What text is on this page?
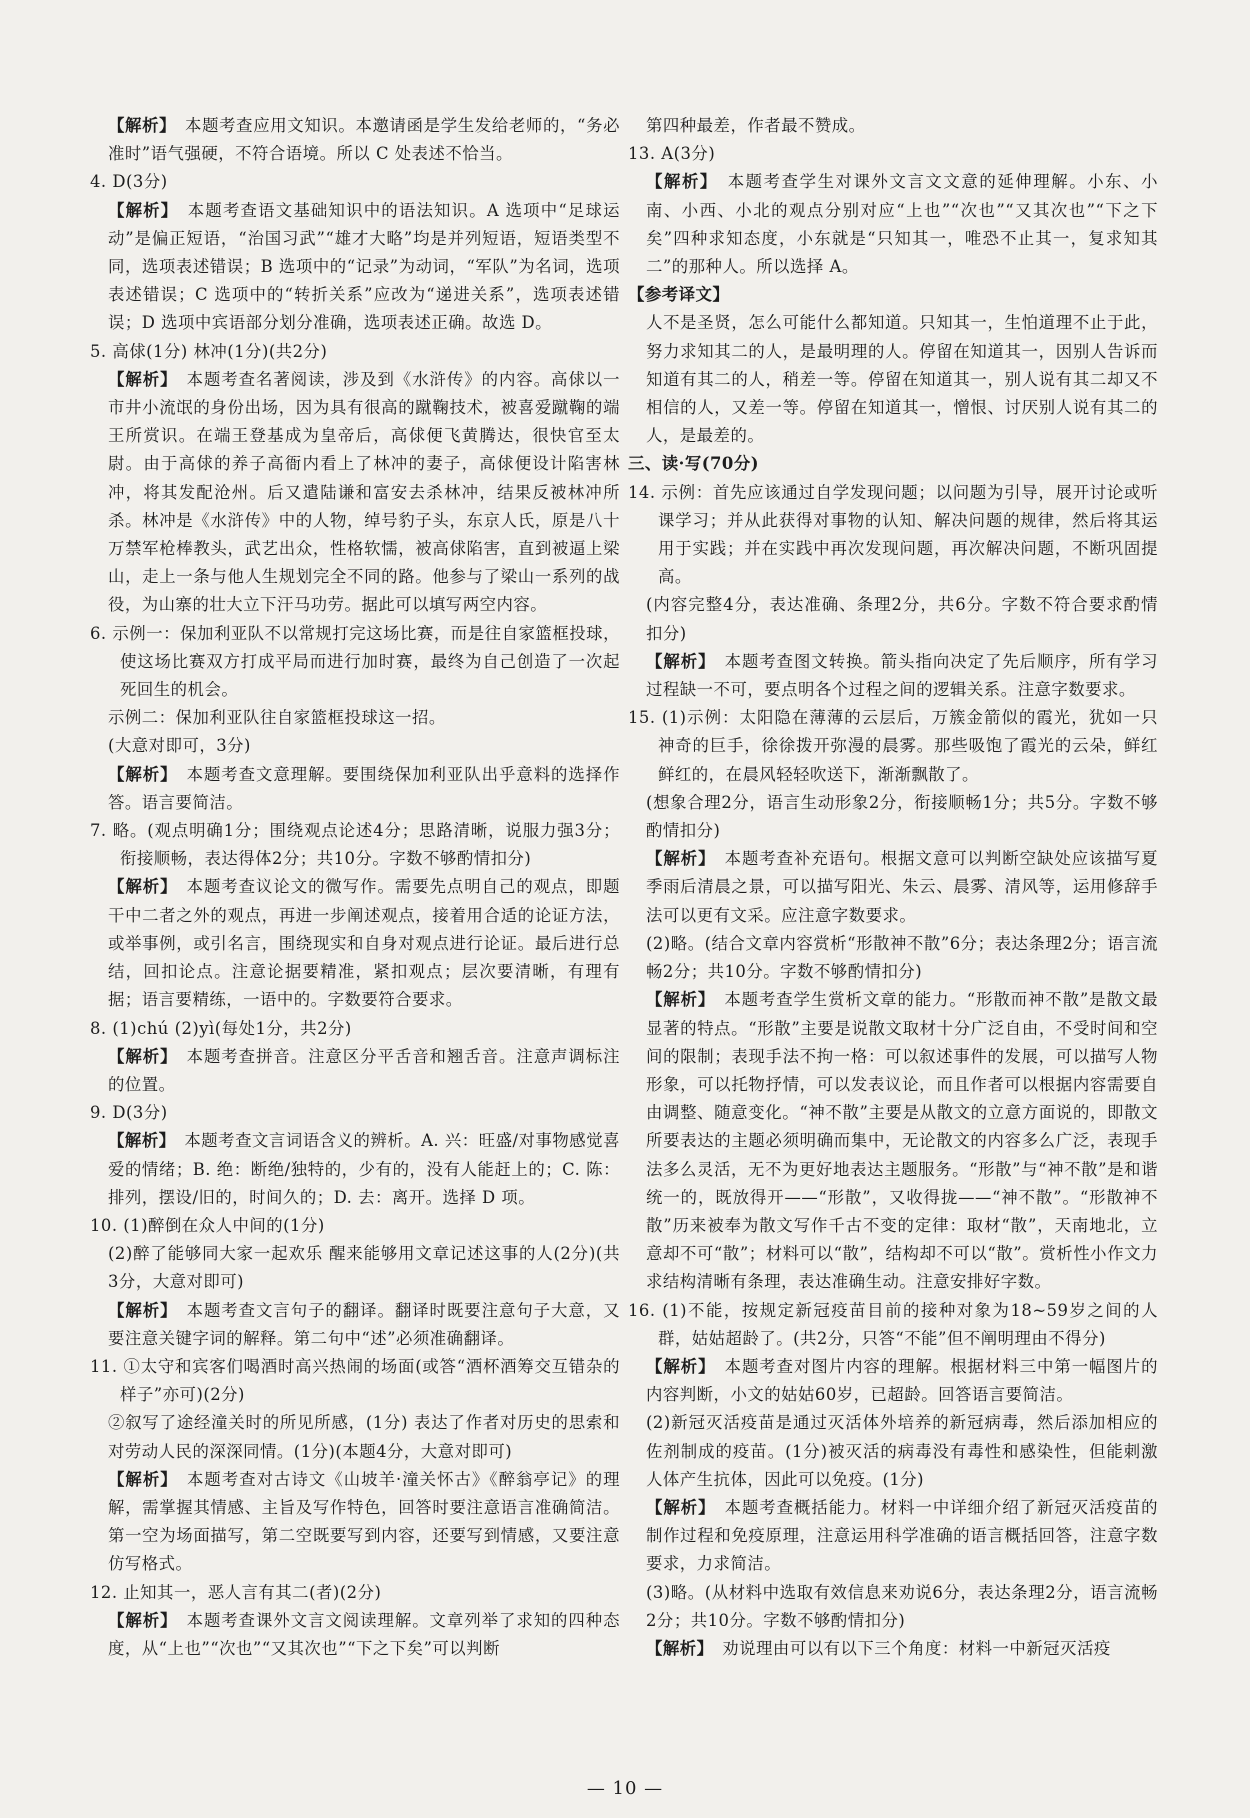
【解析】  本题考查应用文知识。本邀请函是学生发给老师的，“务必准时”语气强硬，不符合语境。所以 C 处表述不恰当。

4. D(3分)

【解析】  本题考查语文基础知识中的语法知识。A 选项中“足球运动”是偏正短语，“治国习武”“雄才大略”均是并列短语，短语类型不同，选项表述错误；B 选项中的“记录”为动词，“军队”为名词，选项表述错误；C 选项中的“转折关系”应改为“递进关系”，选项表述错误；D 选项中宾语部分划分准确，选项表述正确。故选 D。

5. 高俅(1分) 林冲(1分)(共2分)

【解析】  本题考查名著阅读，涉及到《水浒传》的内容。高俅以一市井小流氓的身份出场，因为具有很高的蹴鞠技术，被喜爱蹴鞠的端王所赏识。在端王登基成为皇帝后，高俅便飞黄腾达，很快官至太尉。由于高俅的养子高衙内看上了林冲的妻子，高俅便设计陷害林冲，将其发配沧州。后又遣陆谦和富安去杀林冲，结果反被林冲所杀。林冲是《水浒传》中的人物，绰号豹子头，东京人氏，原是八十万禁军枪棒教头，武艺出众，性格软懦，被高俅陷害，直到被逼上梁山，走上一条与他人生规划完全不同的路。他参与了梁山一系列的战役，为山寨的壮大立下汗马功劳。据此可以填写两空内容。

6. 示例一：保加利亚队不以常规打完这场比赛，而是往自家篮框投球，使这场比赛双方打成平局而进行加时赛，最终为自己创造了一次起死回生的机会。

示例二：保加利亚队往自家篮框投球这一招。

(大意对即可，3分)

【解析】  本题考查文意理解。要围绕保加利亚队出乎意料的选择作答。语言要简洁。

7. 略。(观点明确1分；围绕观点论述4分；思路清晰，说服力强3分；衔接顺畅，表达得体2分；共10分。字数不够酌情扣分)

【解析】  本题考查议论文的微写作。需要先点明自己的观点，即题干中二者之外的观点，再进一步阐述观点，接着用合适的论证方法，或举事例，或引名言，围绕现实和自身对观点进行论证。最后进行总结，回扣论点。注意论据要精准，紧扣观点；层次要清晰，有理有据；语言要精练，一语中的。字数要符合要求。

8. (1)chú (2)yì(每处1分，共2分)

【解析】  本题考查拼音。注意区分平舌音和翘舌音。注意声调标注的位置。

9. D(3分)

【解析】  本题考查文言词语含义的辨析。A. 兴：旺盛/对事物感觉喜爱的情绪；B. 绝：断绝/独特的，少有的，没有人能赶上的；C. 陈：排列，摆设/旧的，时间久的；D. 去：离开。选择 D 项。

10. (1)醉倒在众人中间的(1分)

(2)醉了能够同大家一起欢乐 醒来能够用文章记述这事的人(2分)(共3分，大意对即可)

【解析】  本题考查文言句子的翻译。翻译时既要注意句子大意，又要注意关键字词的解释。第二句中“述”必须准确翻译。

11. ①太守和宾客们喝酒时高兴热闹的场面(或答“酒杯酒筹交互错杂的样子”亦可)(2分)

②叙写了途经潼关时的所见所感，(1分) 表达了作者对历史的思索和对劳动人民的深深同情。(1分)(本题4分，大意对即可)

【解析】  本题考查对古诗文《山坡羊·潼关怀古》《醉翁亭记》的理解，需掌握其情感、主旨及写作特色，回答时要注意语言准确简洁。第一空为场面描写，第二空既要写到内容，还要写到情感，又要注意仿写格式。

12. 止知其一，恶人言有其二(者)(2分)

【解析】  本题考查课外文言文阅读理解。文章列举了求知的四种态度，从“上也”“次也”“又其次也”“下之下矣”可以判断

第四种最差，作者最不赞成。

13. A(3分)

【解析】  本题考查学生对课外文言文文意的延伸理解。小东、小南、小西、小北的观点分别对应“上也”“次也”“又其次也”“下之下矣”四种求知态度，小东就是“只知其一，唯恐不止其一，复求知其二”的那种人。所以选择 A。

【参考译文】

人不是圣贤，怎么可能什么都知道。只知其一，生怕道理不止于此，努力求知其二的人，是最明理的人。停留在知道其一，因别人告诉而知道有其二的人，稍差一等。停留在知道其一，别人说有其二却又不相信的人，又差一等。停留在知道其一，憎恨、讨厌别人说有其二的人，是最差的。

三、读·写(70分)

14. 示例：首先应该通过自学发现问题；以问题为引导，展开讨论或听课学习；并从此获得对事物的认知、解决问题的规律，然后将其运用于实践；并在实践中再次发现问题，再次解决问题，不断巩固提高。

(内容完整4分，表达准确、条理2分，共6分。字数不符合要求酌情扣分)

【解析】  本题考查图文转换。箭头指向决定了先后顺序，所有学习过程缺一不可，要点明各个过程之间的逻辑关系。注意字数要求。

15. (1)示例：太阳隐在薄薄的云层后，万簇金箭似的霞光，犹如一只神奇的巨手，徐徐拨开弥漫的晨雾。那些吸饱了霞光的云朵，鲜红鲜红的，在晨风轻轻吹送下，渐渐飘散了。

(想象合理2分，语言生动形象2分，衔接顺畅1分；共5分。字数不够酌情扣分)

【解析】  本题考查补充语句。根据文意可以判断空缺处应该描写夏季雨后清晨之景，可以描写阳光、朱云、晨雾、清风等，运用修辞手法可以更有文采。应注意字数要求。

(2)略。(结合文章内容赏析“形散神不散”6分；表达条理2分；语言流畅2分；共10分。字数不够酌情扣分)

【解析】  本题考查学生赏析文章的能力。“形散而神不散”是散文最显著的特点。“形散”主要是说散文取材十分广泛自由，不受时间和空间的限制；表现手法不拘一格：可以叙述事件的发展，可以描写人物形象，可以托物抒情，可以发表议论，而且作者可以根据内容需要自由调整、随意变化。“神不散”主要是从散文的立意方面说的，即散文所要表达的主题必须明确而集中，无论散文的内容多么广泛，表现手法多么灵活，无不为更好地表达主题服务。“形散”与“神不散”是和谐统一的，既放得开——“形散”，又收得拢——“神不散”。“形散神不散”历来被奉为散文写作千古不变的定律：取材“散”，天南地北，立意却不可“散”；材料可以“散”，结构却不可以“散”。赏析性小作文力求结构清晰有条理，表达准确生动。注意安排好字数。

16. (1)不能，按规定新冠疫苗目前的接种对象为18~59岁之间的人群，姑姑超龄了。(共2分，只答“不能”但不阐明理由不得分)

【解析】  本题考查对图片内容的理解。根据材料三中第一幅图片的内容判断，小文的姑姑60岁，已超龄。回答语言要简洁。

(2)新冠灭活疫苗是通过灭活体外培养的新冠病毒，然后添加相应的佐剂制成的疫苗。(1分)被灭活的病毒没有毒性和感染性，但能刺激人体产生抗体，因此可以免疫。(1分)

【解析】  本题考查概括能力。材料一中详细介绍了新冠灭活疫苗的制作过程和免疫原理，注意运用科学准确的语言概括回答，注意字数要求，力求简洁。

(3)略。(从材料中选取有效信息来劝说6分，表达条理2分，语言流畅2分；共10分。字数不够酌情扣分)

【解析】  劝说理由可以有以下三个角度：材料一中新冠灭活疫

— 10 —
